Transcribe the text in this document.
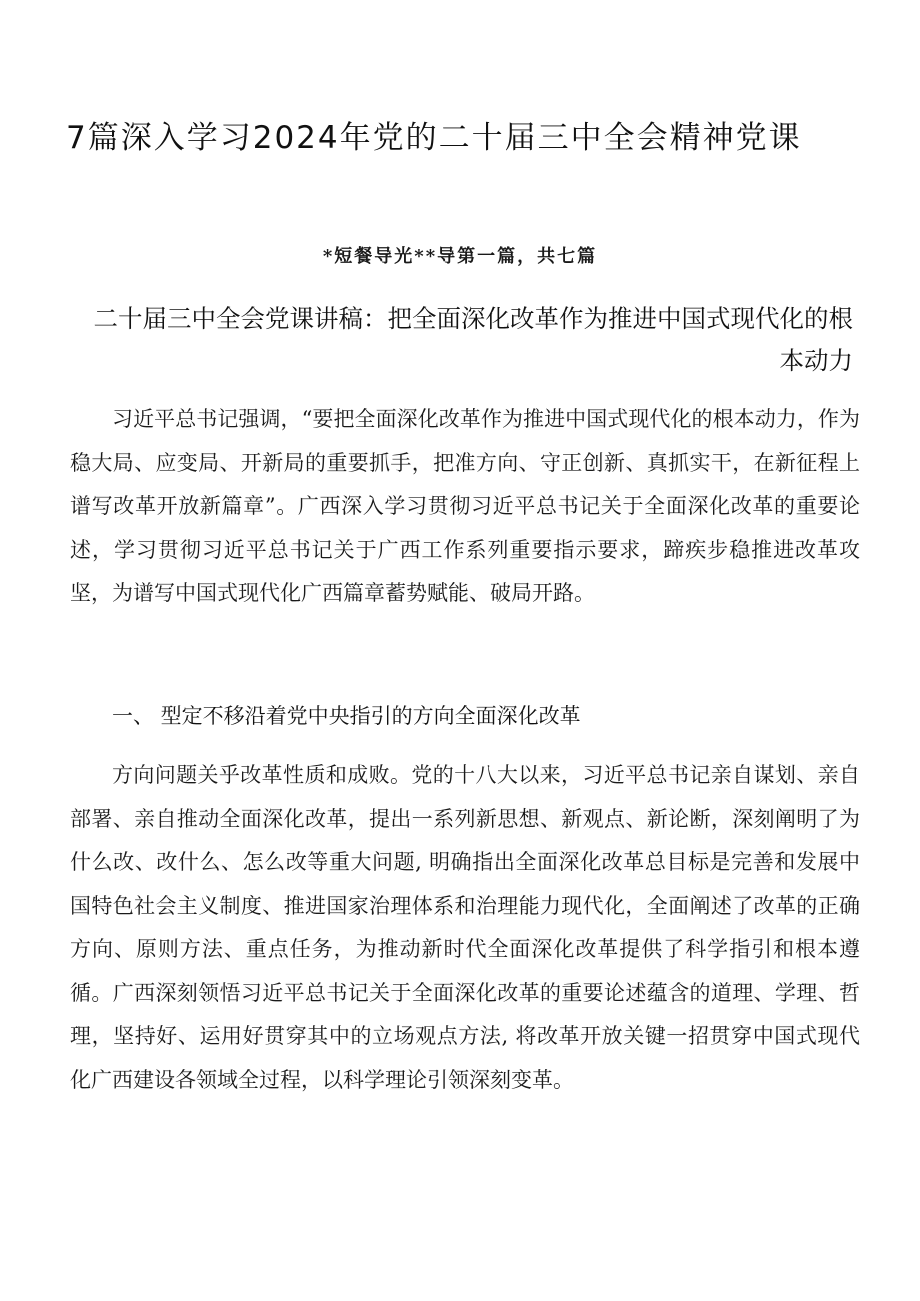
7篇深入学习2024年党的二十届三中全会精神党课
*短餐导光**导第一篇，共七篇
二十届三中全会党课讲稿：把全面深化改革作为推进中国式现代化的根本动力
习近平总书记强调，“要把全面深化改革作为推进中国式现代化的根本动力，作为稳大局、应变局、开新局的重要抓手，把准方向、守正创新、真抓实干，在新征程上谱写改革开放新篇章”。广西深入学习贯彻习近平总书记关于全面深化改革的重要论述，学习贯彻习近平总书记关于广西工作系列重要指示要求，蹄疾步稳推进改革攻坚，为谱写中国式现代化广西篇章蓄势赋能、破局开路。
一、 型定不移沿着党中央指引的方向全面深化改革
方向问题关乎改革性质和成败。党的十八大以来，习近平总书记亲自谋划、亲自部署、亲自推动全面深化改革，提出一系列新思想、新观点、新论断，深刻阐明了为什么改、改什么、怎么改等重大问题, 明确指出全面深化改革总目标是完善和发展中国特色社会主义制度、推进国家治理体系和治理能力现代化，全面阐述了改革的正确方向、原则方法、重点任务，为推动新时代全面深化改革提供了科学指引和根本遵循。广西深刻领悟习近平总书记关于全面深化改革的重要论述蕴含的道理、学理、哲理，坚持好、运用好贯穿其中的立场观点方法, 将改革开放关键一招贯穿中国式现代化广西建设各领域全过程，以科学理论引领深刻变革。
